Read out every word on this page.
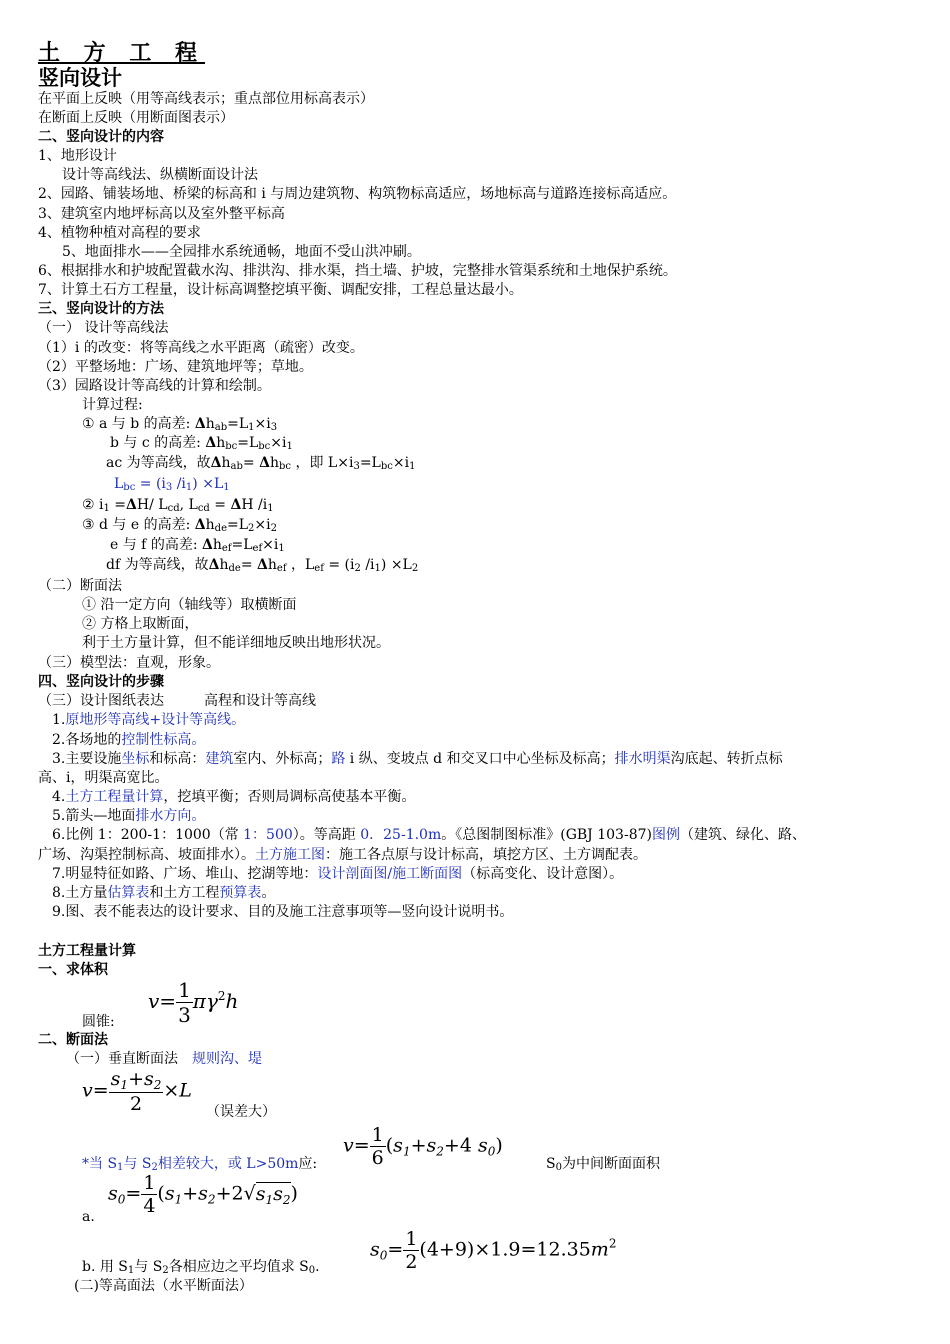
土 方 工 程
竖向设计
在平面上反映（用等高线表示；重点部位用标高表示）
在断面上反映（用断面图表示）
二、竖向设计的内容
1、地形设计
设计等高线法、纵横断面设计法
2、园路、铺装场地、桥梁的标高和 i 与周边建筑物、构筑物标高适应，场地标高与道路连接标高适应。
3、建筑室内地坪标高以及室外整平标高
4、植物种植对高程的要求
5、地面排水——全园排水系统通畅，地面不受山洪冲刷。
6、根据排水和护坡配置截水沟、排洪沟、排水渠，挡土墙、护坡，完整排水管渠系统和土地保护系统。
7、计算土石方工程量，设计标高调整挖填平衡、调配安排，工程总量达最小。
三、竖向设计的方法
（一） 设计等高线法
（1）i 的改变：将等高线之水平距离（疏密）改变。
（2）平整场地：广场、建筑地坪等；草地。
（3）园路设计等高线的计算和绘制。
计算过程:
① a 与 b 的高差: Δhab=L1×i3
b 与 c 的高差: Δhbc=Lbc×i1
ac 为等高线，故Δhab= Δhbc ，即 L×i3=Lbc×i1
Lbc = (i3 /i1) ×L1
② i1 =ΔH/ Lcd, Lcd = ΔH /i1
③ d 与 e 的高差: Δhde=L2×i2
e 与 f 的高差: Δhef=Lef×i1
df 为等高线，故Δhde= Δhef ，Lef = (i2 /i1) ×L2
（二）断面法
① 沿一定方向（轴线等）取横断面
② 方格上取断面，
利于土方量计算，但不能详细地反映出地形状况。
（三）模型法：直观，形象。
四、竖向设计的步骤
（三）设计图纸表达	高程和设计等高线
1.原地形等高线+设计等高线。
2.各场地的控制性标高。
3.主要设施坐标和标高：建筑室内、外标高；路 i 纵、变坡点 d 和交叉口中心坐标及标高；排水明渠沟底起、转折点标
高、i，明渠高宽比。
4.土方工程量计算，挖填平衡；否则局调标高使基本平衡。
5.箭头—地面排水方向。
6.比例 1：200-1：1000（常 1：500）。等高距 0．25-1.0m。《总图制图标准》(GBJ 103-87)图例（建筑、绿化、路、
广场、沟渠控制标高、坡面排水）。土方施工图：施工各点原与设计标高，填挖方区、土方调配表。
7.明显特征如路、广场、堆山、挖湖等地：设计剖面图/施工断面图（标高变化、设计意图）。
8.土方量估算表和土方工程预算表。
9.图、表不能表达的设计要求、目的及施工注意事项等—竖向设计说明书。
土方工程量计算
一、求体积
$v= \frac{1}{3} \pi\gamma^2h$
圆锥:
二、断面法
（一）垂直断面法 规则沟、堤
$v= \frac{s_1+s_2}{2} \times L$
（误差大）
$v= \frac{1}{6} (s_1+s_2+4$ $s_0$)
*当 S1与 S2相差较大，或 L>50m应:	S0为中间断面面积
$s_0= \frac{1}{4} (s_1+s_2+2√s_1s_2)$
a.
$s_0= \frac{1}{2} (4+9)\times 1.9=12.35m^2$
b. 用 S1与 S2各相应边之平均值求 S0.
(二)等高面法（水平断面法）
